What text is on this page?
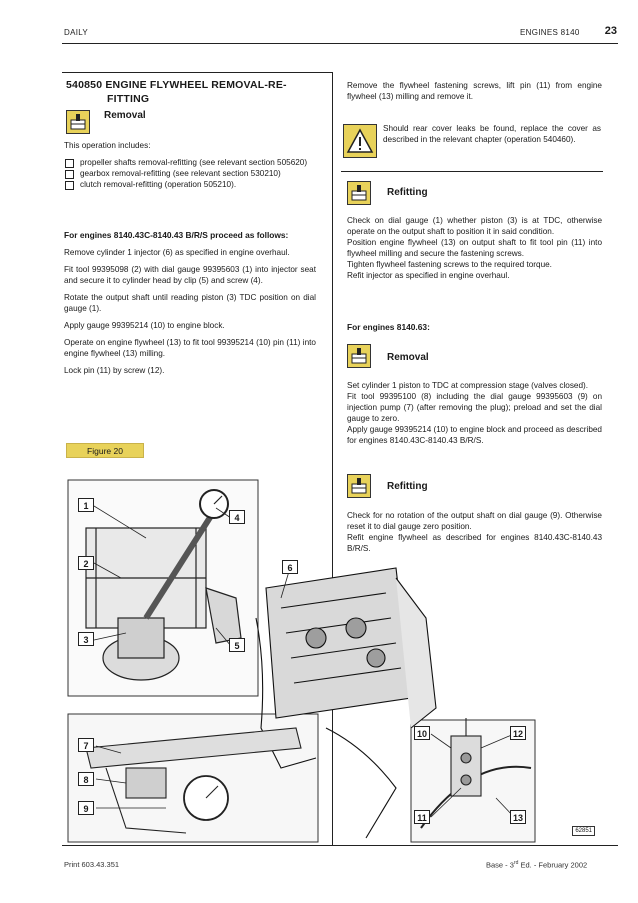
DAILY	ENGINES 8140 23
540850 ENGINE FLYWHEEL REMOVAL-RE-
FITTING
Removal

This operation includes:

propeller shafts removal-refitting (see relevant section 505620)
gearbox removal-refitting (see relevant section 530210)
clutch removal-refitting (operation 505210).

For engines 8140.43C-8140.43 B/R/S proceed as follows:

Remove cylinder 1 injector (6) as specified in engine overhaul.

Fit tool 99395098 (2) with dial gauge 99395603 (1) into injector seat and secure it to cylinder head by clip (5) and screw (4).

Rotate the output shaft until reading piston (3) TDC position on dial gauge (1).

Apply gauge 99395214 (10) to engine block.

Operate on engine flywheel (13) to fit tool 99395214 (10) pin (11) into engine flywheel (13) milling.

Lock pin (11) by screw (12).

Figure 20
Remove the flywheel fastening screws, lift pin (11) from engine flywheel (13) milling and remove it.
Should rear cover leaks be found, replace the cover as described in the relevant chapter (operation 540460).
Refitting
Check on dial gauge (1) whether piston (3) is at TDC, otherwise operate on the output shaft to position it in said condition.
Position engine flywheel (13) on output shaft to fit tool pin (11) into flywheel milling and secure the fastening screws.
Tighten flywheel fastening screws to the required torque.
Refit injector as specified in engine overhaul.
For engines 8140.63:
Removal
Set cylinder 1 piston to TDC at compression stage (valves closed).
Fit tool 99395100 (8) including the dial gauge 99395603 (9) on injection pump (7) (after removing the plug); preload and set the dial gauge to zero.
Apply gauge 99395214 (10) to engine block and proceed as described for engines 8140.43C-8140.43 B/R/S.
Refitting
Check for no rotation of the output shaft on dial gauge (9). Otherwise reset it to dial gauge zero position.
Refit engine flywheel as described for engines 8140.43C-8140.43 B/R/S.
1
2
3
4
5
6
7
8
9
10
11
12
13
62851
Print 603.43.351	Base - 3rd Ed. - February 2002
